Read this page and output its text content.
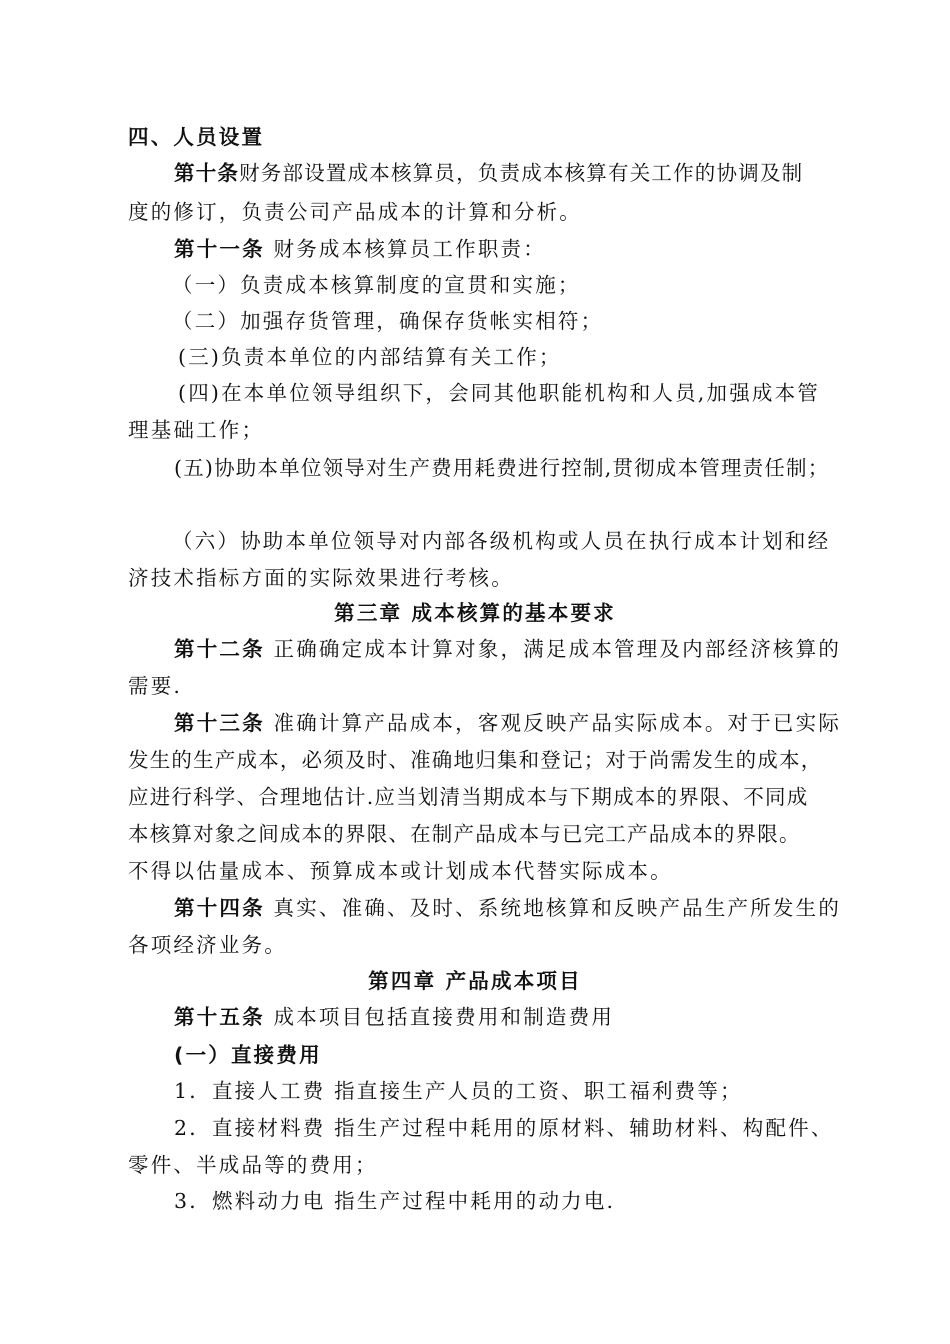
四、人员设置
第十条财务部设置成本核算员，负责成本核算有关工作的协调及制
度的修订，负责公司产品成本的计算和分析。
第十一条 财务成本核算员工作职责：
（一）负责成本核算制度的宣贯和实施；
（二）加强存货管理，确保存货帐实相符；
(三)负责本单位的内部结算有关工作；
(四)在本单位领导组织下，会同其他职能机构和人员,加强成本管
理基础工作；
(五)协助本单位领导对生产费用耗费进行控制,贯彻成本管理责任制；
（六）协助本单位领导对内部各级机构或人员在执行成本计划和经
济技术指标方面的实际效果进行考核。
第三章 成本核算的基本要求
第十二条 正确确定成本计算对象，满足成本管理及内部经济核算的
需要.
第十三条 准确计算产品成本，客观反映产品实际成本。对于已实际
发生的生产成本，必须及时、准确地归集和登记；对于尚需发生的成本，
应进行科学、合理地估计.应当划清当期成本与下期成本的界限、不同成
本核算对象之间成本的界限、在制产品成本与已完工产品成本的界限。
不得以估量成本、预算成本或计划成本代替实际成本。
第十四条 真实、准确、及时、系统地核算和反映产品生产所发生的
各项经济业务。
第四章 产品成本项目
第十五条 成本项目包括直接费用和制造费用
(一）直接费用
1．直接人工费 指直接生产人员的工资、职工福利费等；
2．直接材料费 指生产过程中耗用的原材料、辅助材料、构配件、
零件、半成品等的费用；
3．燃料动力电 指生产过程中耗用的动力电.
